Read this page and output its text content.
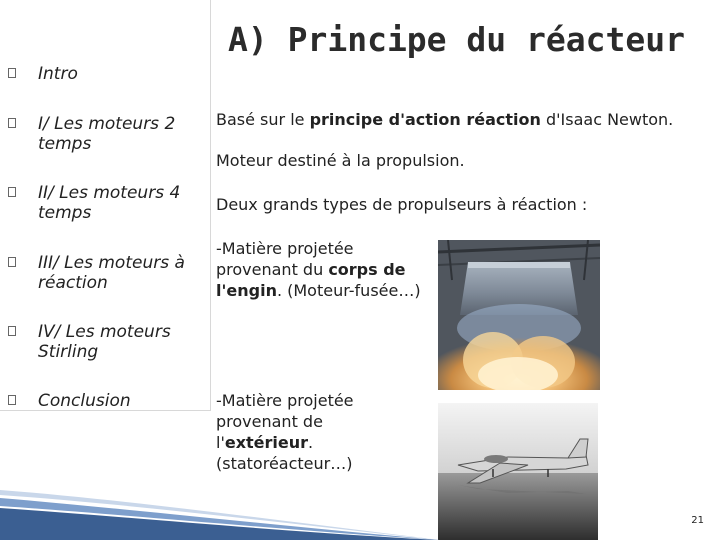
Intro
I/ Les moteurs 2 temps
II/ Les moteurs 4 temps
III/ Les moteurs à réaction
IV/ Les moteurs Stirling
Conclusion
A) Principe du réacteur
Basé sur le principe d'action réaction d'Isaac Newton.
Moteur destiné à la propulsion.
Deux grands types de propulseurs à réaction :
-Matière projetée provenant du corps de l'engin. (Moteur-fusée…)
-Matière projetée provenant de l'extérieur. (statoréacteur…)
21
